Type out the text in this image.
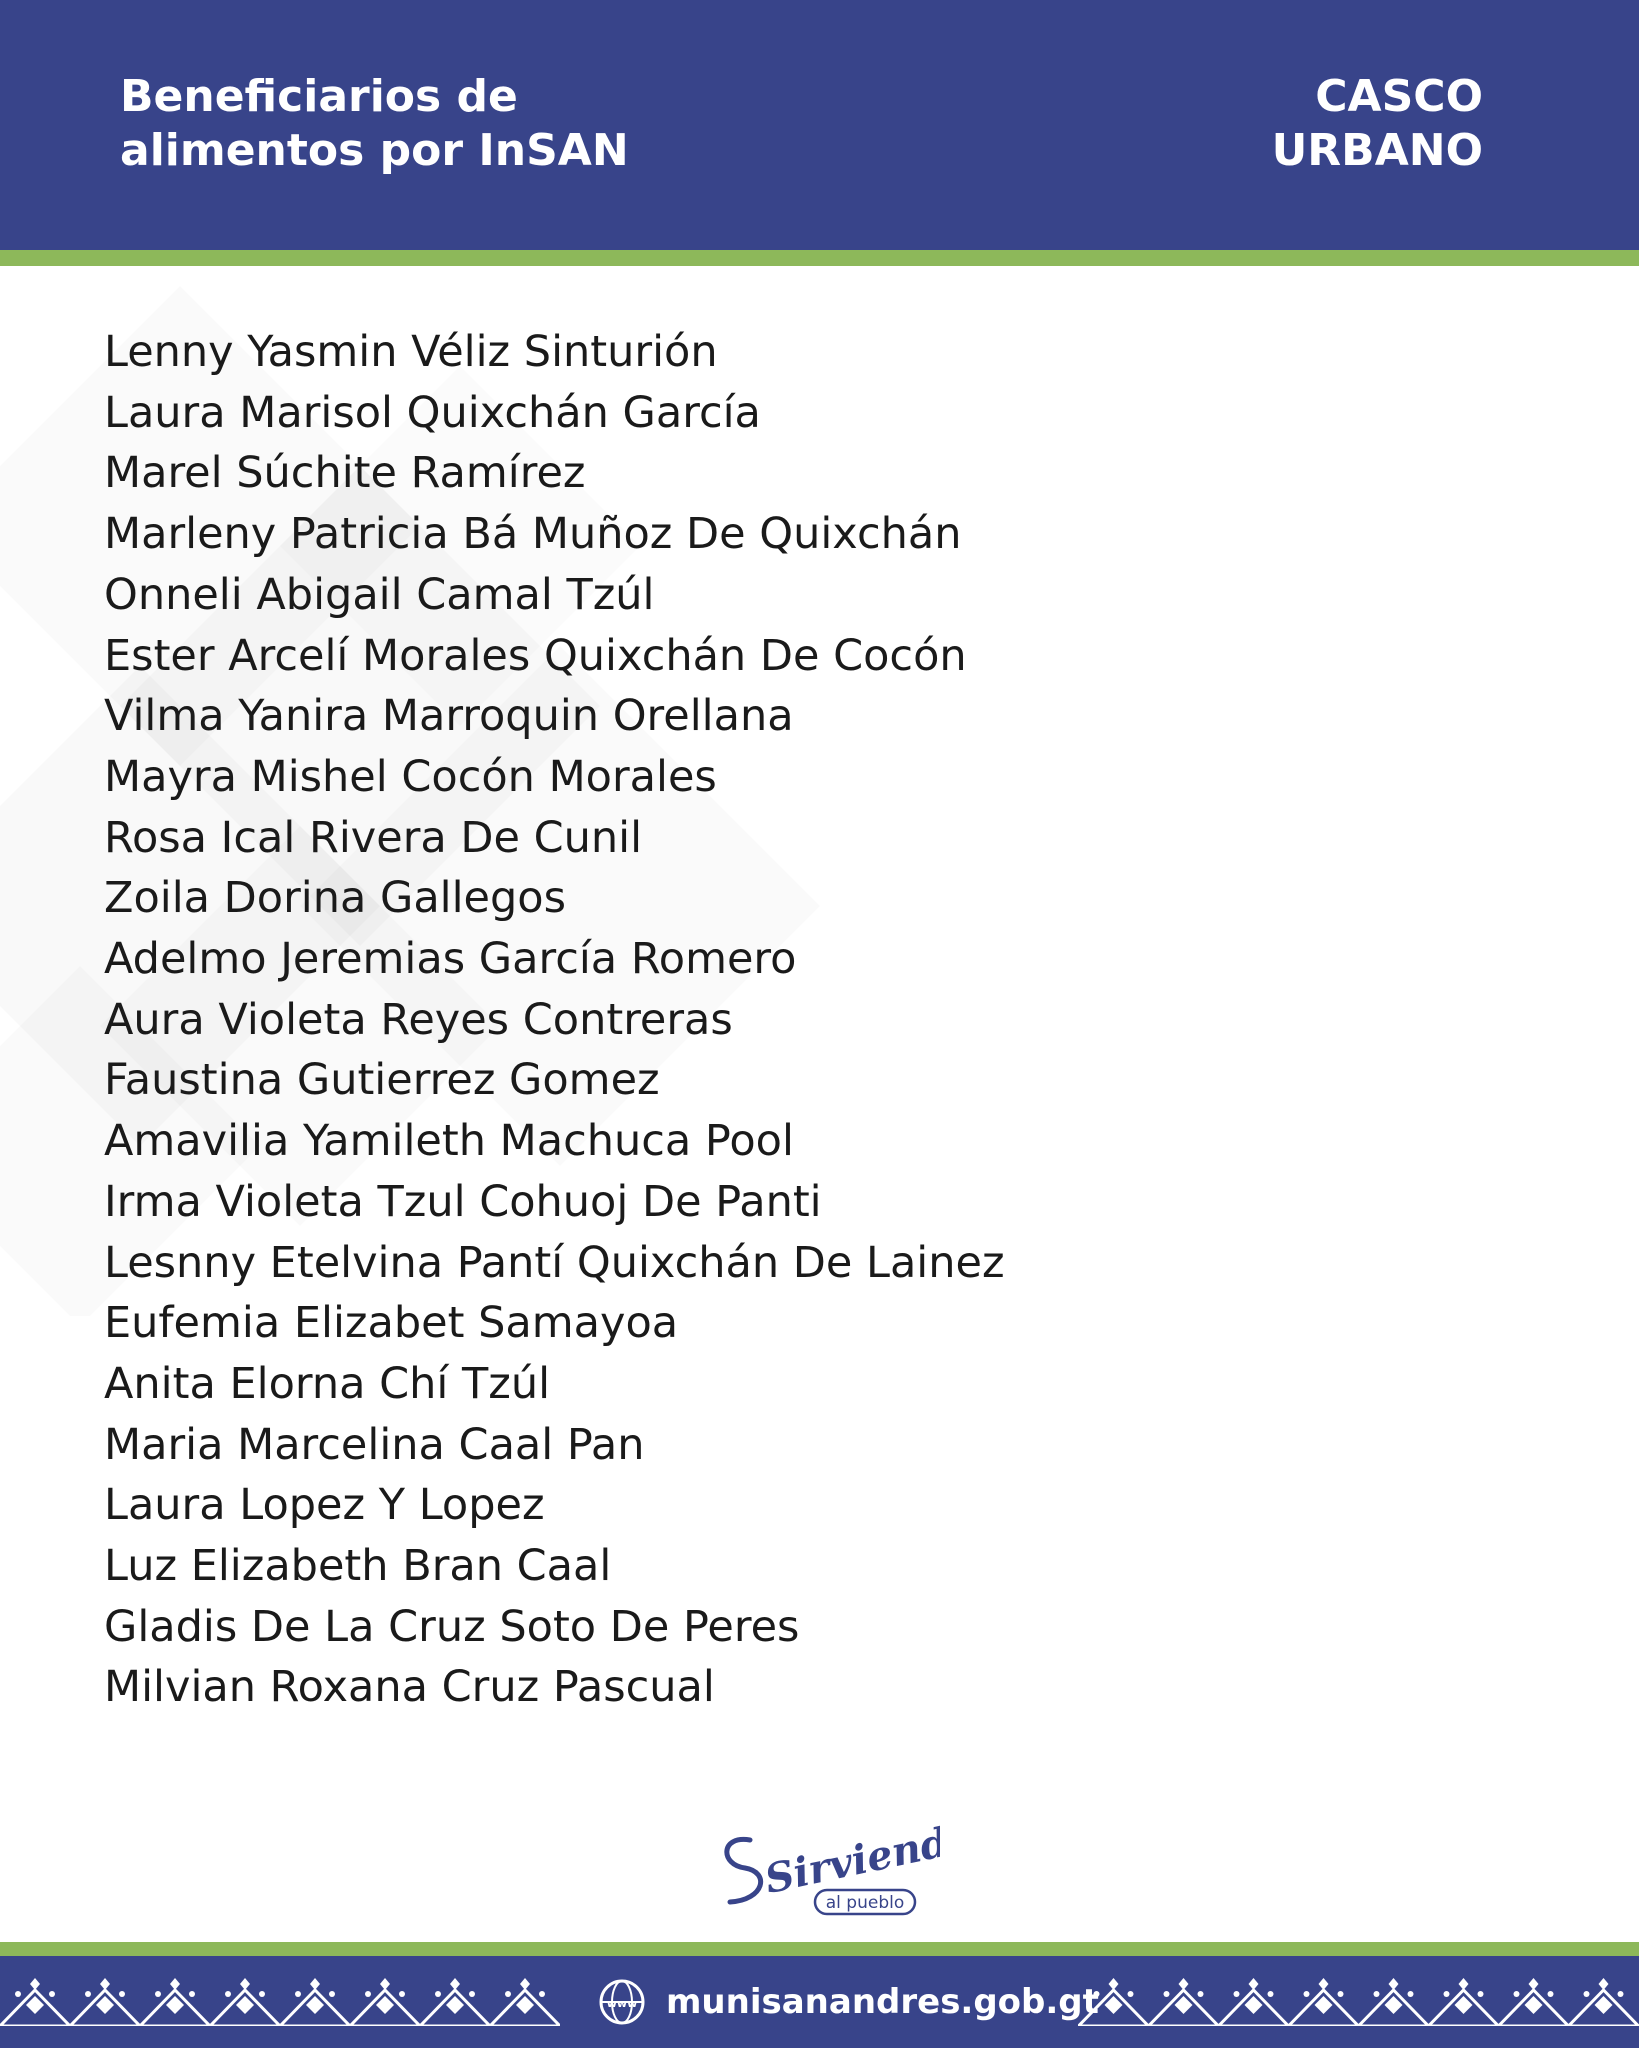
Beneficiarios de
alimentos por InSAN
CASCO
URBANO
Lenny Yasmin Véliz Sinturión
Laura Marisol Quixchán García
Marel Súchite Ramírez
Marleny Patricia Bá Muñoz De Quixchán
Onneli Abigail Camal Tzúl
Ester Arcelí Morales Quixchán De Cocón
Vilma Yanira Marroquin Orellana
Mayra Mishel Cocón Morales
Rosa Ical Rivera De Cunil
Zoila Dorina Gallegos
Adelmo Jeremias García Romero
Aura Violeta Reyes Contreras
Faustina Gutierrez Gomez
Amavilia Yamileth Machuca Pool
Irma Violeta Tzul Cohuoj De Panti
Lesnny Etelvina Pantí Quixchán De Lainez
Eufemia Elizabet Samayoa
Anita Elorna Chí Tzúl
Maria Marcelina Caal Pan
Laura Lopez Y Lopez
Luz Elizabeth Bran Caal
Gladis De La Cruz Soto De Peres
Milvian Roxana Cruz Pascual
Sirviendo
al pueblo
www munisanandres.gob.gt
